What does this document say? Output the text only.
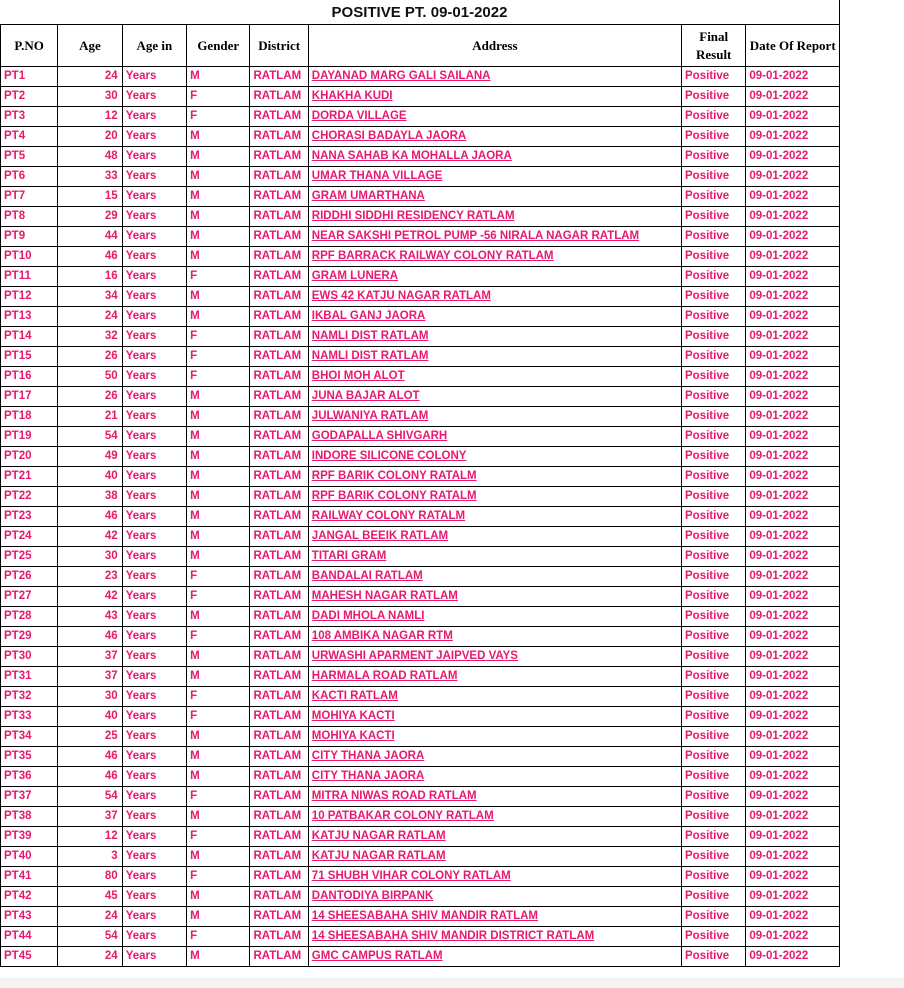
POSITIVE PT. 09-01-2022
P.NO	Age	Age in	Gender	District	Address	Final Result	Date Of Report
PT1	24	Years	M	RATLAM	DAYANAD MARG GALI SAILANA	Positive	09-01-2022
PT2	30	Years	F	RATLAM	KHAKHA KUDI	Positive	09-01-2022
PT3	12	Years	F	RATLAM	DORDA VILLAGE	Positive	09-01-2022
PT4	20	Years	M	RATLAM	CHORASI BADAYLA JAORA	Positive	09-01-2022
PT5	48	Years	M	RATLAM	NANA SAHAB KA MOHALLA JAORA	Positive	09-01-2022
PT6	33	Years	M	RATLAM	UMAR THANA VILLAGE	Positive	09-01-2022
PT7	15	Years	M	RATLAM	GRAM UMARTHANA	Positive	09-01-2022
PT8	29	Years	M	RATLAM	RIDDHI SIDDHI RESIDENCY RATLAM	Positive	09-01-2022
PT9	44	Years	M	RATLAM	NEAR SAKSHI PETROL PUMP -56 NIRALA NAGAR RATLAM	Positive	09-01-2022
PT10	46	Years	M	RATLAM	RPF BARRACK RAILWAY COLONY RATLAM	Positive	09-01-2022
PT11	16	Years	F	RATLAM	GRAM LUNERA	Positive	09-01-2022
PT12	34	Years	M	RATLAM	EWS 42 KATJU NAGAR RATLAM	Positive	09-01-2022
PT13	24	Years	M	RATLAM	IKBAL GANJ JAORA	Positive	09-01-2022
PT14	32	Years	F	RATLAM	NAMLI DIST RATLAM	Positive	09-01-2022
PT15	26	Years	F	RATLAM	NAMLI DIST RATLAM	Positive	09-01-2022
PT16	50	Years	F	RATLAM	BHOI MOH ALOT	Positive	09-01-2022
PT17	26	Years	M	RATLAM	JUNA BAJAR ALOT	Positive	09-01-2022
PT18	21	Years	M	RATLAM	JULWANIYA RATLAM	Positive	09-01-2022
PT19	54	Years	M	RATLAM	GODAPALLA SHIVGARH	Positive	09-01-2022
PT20	49	Years	M	RATLAM	INDORE SILICONE COLONY	Positive	09-01-2022
PT21	40	Years	M	RATLAM	RPF BARIK COLONY RATALM	Positive	09-01-2022
PT22	38	Years	M	RATLAM	RPF BARIK COLONY RATALM	Positive	09-01-2022
PT23	46	Years	M	RATLAM	RAILWAY COLONY RATALM	Positive	09-01-2022
PT24	42	Years	M	RATLAM	JANGAL BEEIK RATLAM	Positive	09-01-2022
PT25	30	Years	M	RATLAM	TITARI GRAM	Positive	09-01-2022
PT26	23	Years	F	RATLAM	BANDALAI RATLAM	Positive	09-01-2022
PT27	42	Years	F	RATLAM	MAHESH NAGAR RATLAM	Positive	09-01-2022
PT28	43	Years	M	RATLAM	DADI MHOLA NAMLI	Positive	09-01-2022
PT29	46	Years	F	RATLAM	108 AMBIKA NAGAR RTM	Positive	09-01-2022
PT30	37	Years	M	RATLAM	URWASHI APARMENT JAIPVED VAYS	Positive	09-01-2022
PT31	37	Years	M	RATLAM	HARMALA ROAD RATLAM	Positive	09-01-2022
PT32	30	Years	F	RATLAM	KACTI RATLAM	Positive	09-01-2022
PT33	40	Years	F	RATLAM	MOHIYA KACTI	Positive	09-01-2022
PT34	25	Years	M	RATLAM	MOHIYA KACTI	Positive	09-01-2022
PT35	46	Years	M	RATLAM	CITY THANA JAORA	Positive	09-01-2022
PT36	46	Years	M	RATLAM	CITY THANA JAORA	Positive	09-01-2022
PT37	54	Years	F	RATLAM	MITRA NIWAS ROAD RATLAM	Positive	09-01-2022
PT38	37	Years	M	RATLAM	10 PATBAKAR COLONY RATLAM	Positive	09-01-2022
PT39	12	Years	F	RATLAM	KATJU NAGAR RATLAM	Positive	09-01-2022
PT40	3	Years	M	RATLAM	KATJU NAGAR RATLAM	Positive	09-01-2022
PT41	80	Years	F	RATLAM	71 SHUBH VIHAR COLONY RATLAM	Positive	09-01-2022
PT42	45	Years	M	RATLAM	DANTODIYA BIRPANK	Positive	09-01-2022
PT43	24	Years	M	RATLAM	14 SHEESABAHA SHIV MANDIR RATLAM	Positive	09-01-2022
PT44	54	Years	F	RATLAM	14 SHEESABAHA SHIV MANDIR DISTRICT RATLAM	Positive	09-01-2022
PT45	24	Years	M	RATLAM	GMC CAMPUS RATLAM	Positive	09-01-2022
